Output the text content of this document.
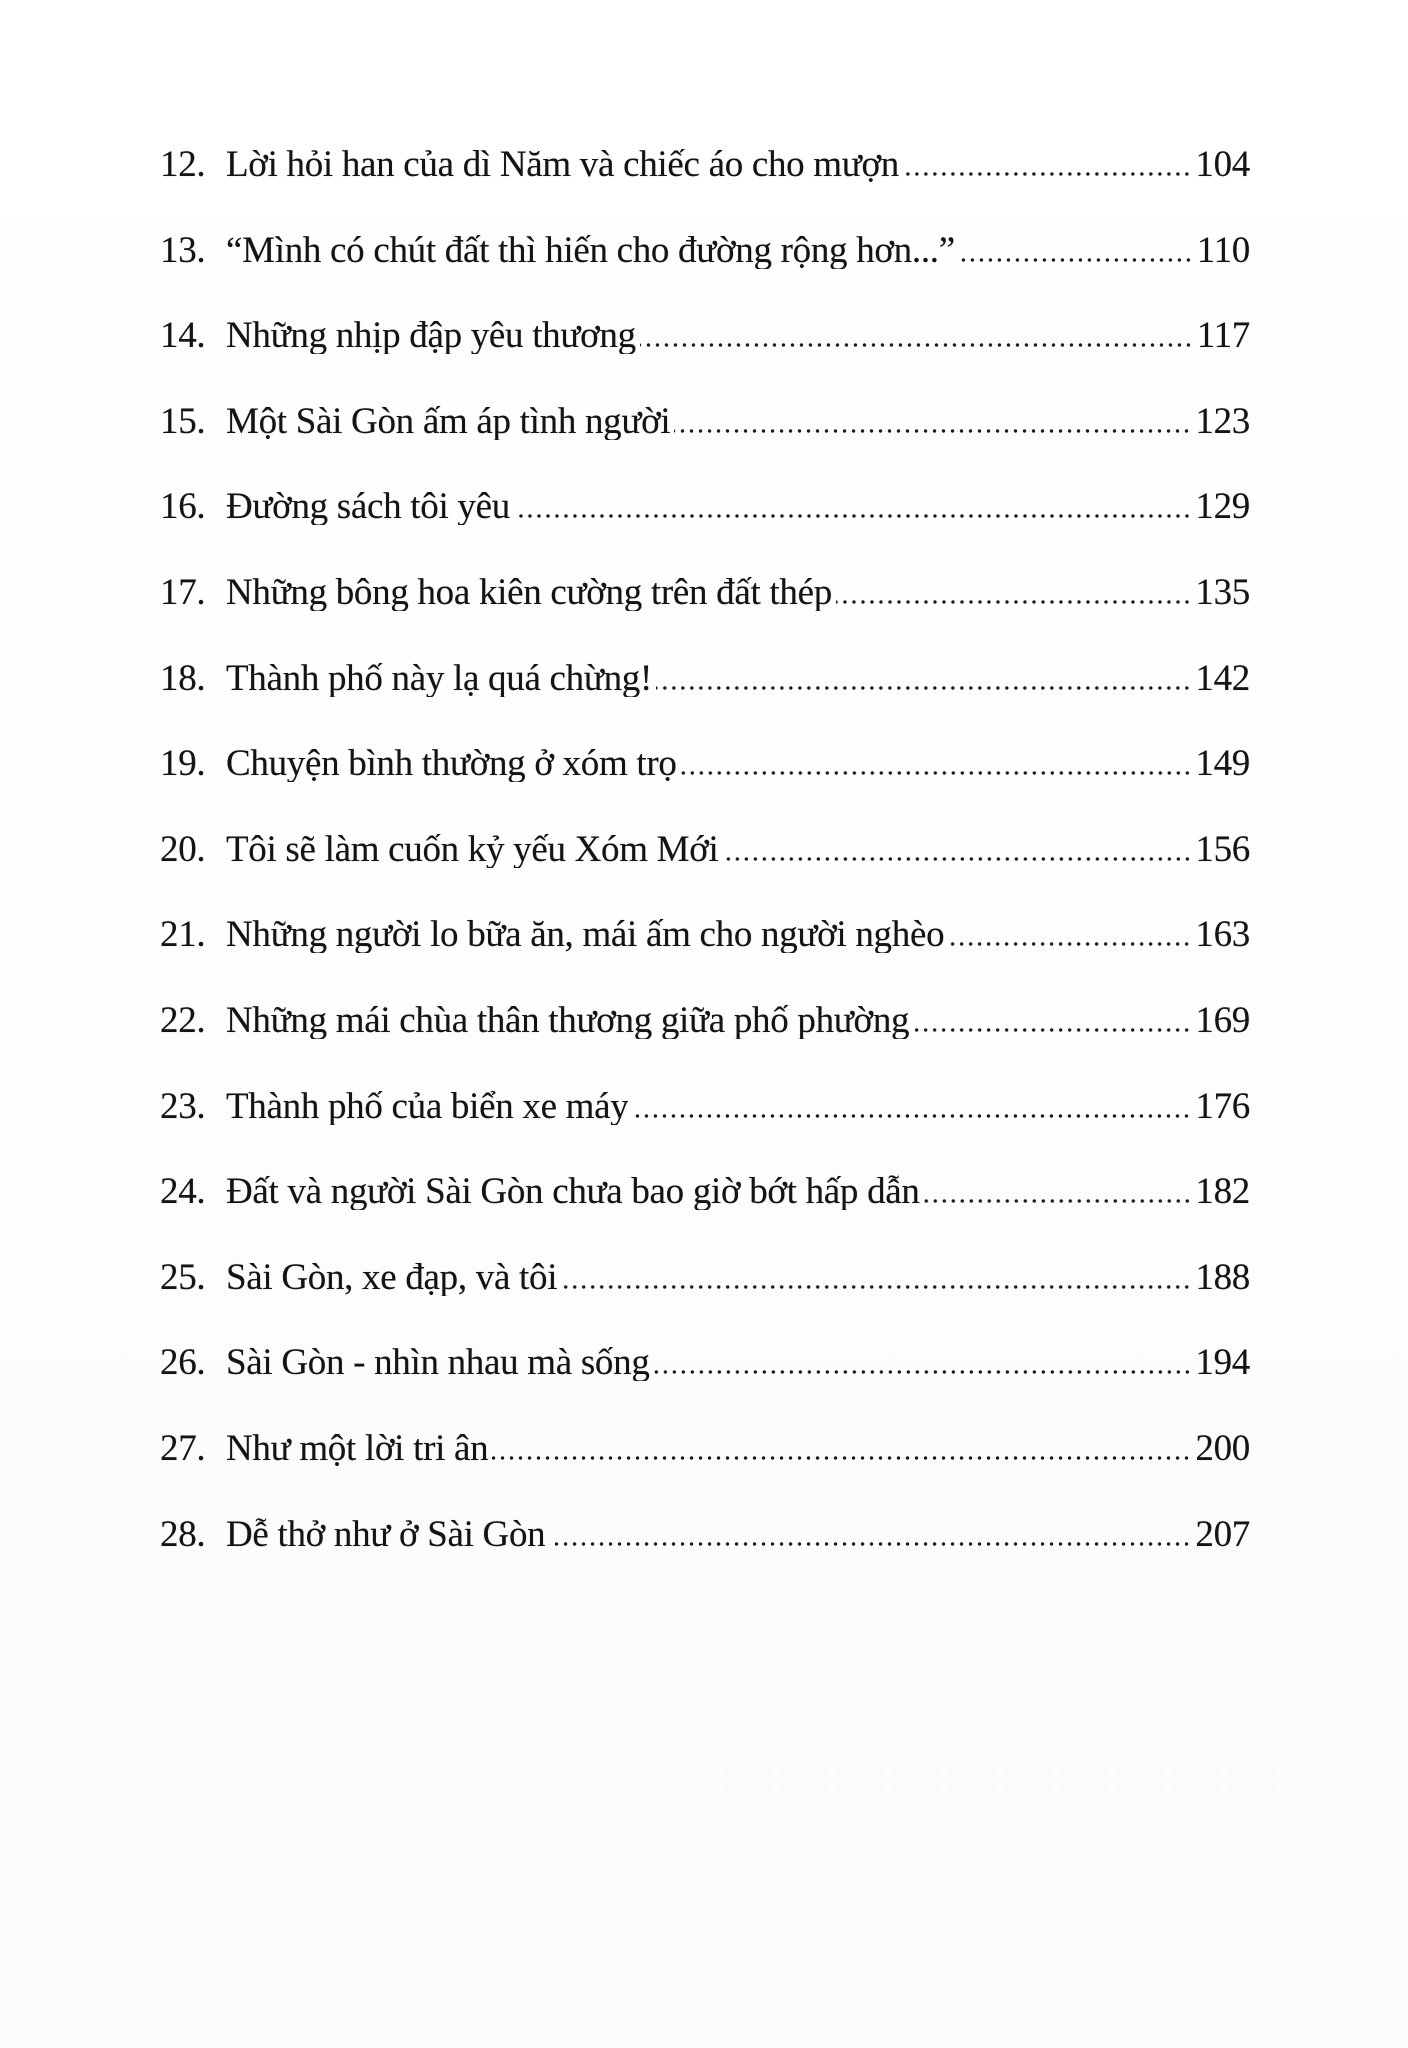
12. Lời hỏi han của dì Năm và chiếc áo cho mượn	104
13. “Mình có chút đất thì hiến cho đường rộng hơn...”	110
14. Những nhịp đập yêu thương	117
15. Một Sài Gòn ấm áp tình người	123
16. Đường sách tôi yêu	129
17. Những bông hoa kiên cường trên đất thép	135
18. Thành phố này lạ quá chừng!	142
19. Chuyện bình thường ở xóm trọ	149
20. Tôi sẽ làm cuốn kỷ yếu Xóm Mới	156
21. Những người lo bữa ăn, mái ấm cho người nghèo	163
22. Những mái chùa thân thương giữa phố phường	169
23. Thành phố của biển xe máy	176
24. Đất và người Sài Gòn chưa bao giờ bớt hấp dẫn	182
25. Sài Gòn, xe đạp, và tôi	188
26. Sài Gòn - nhìn nhau mà sống	194
27. Như một lời tri ân	200
28. Dễ thở như ở Sài Gòn	207
